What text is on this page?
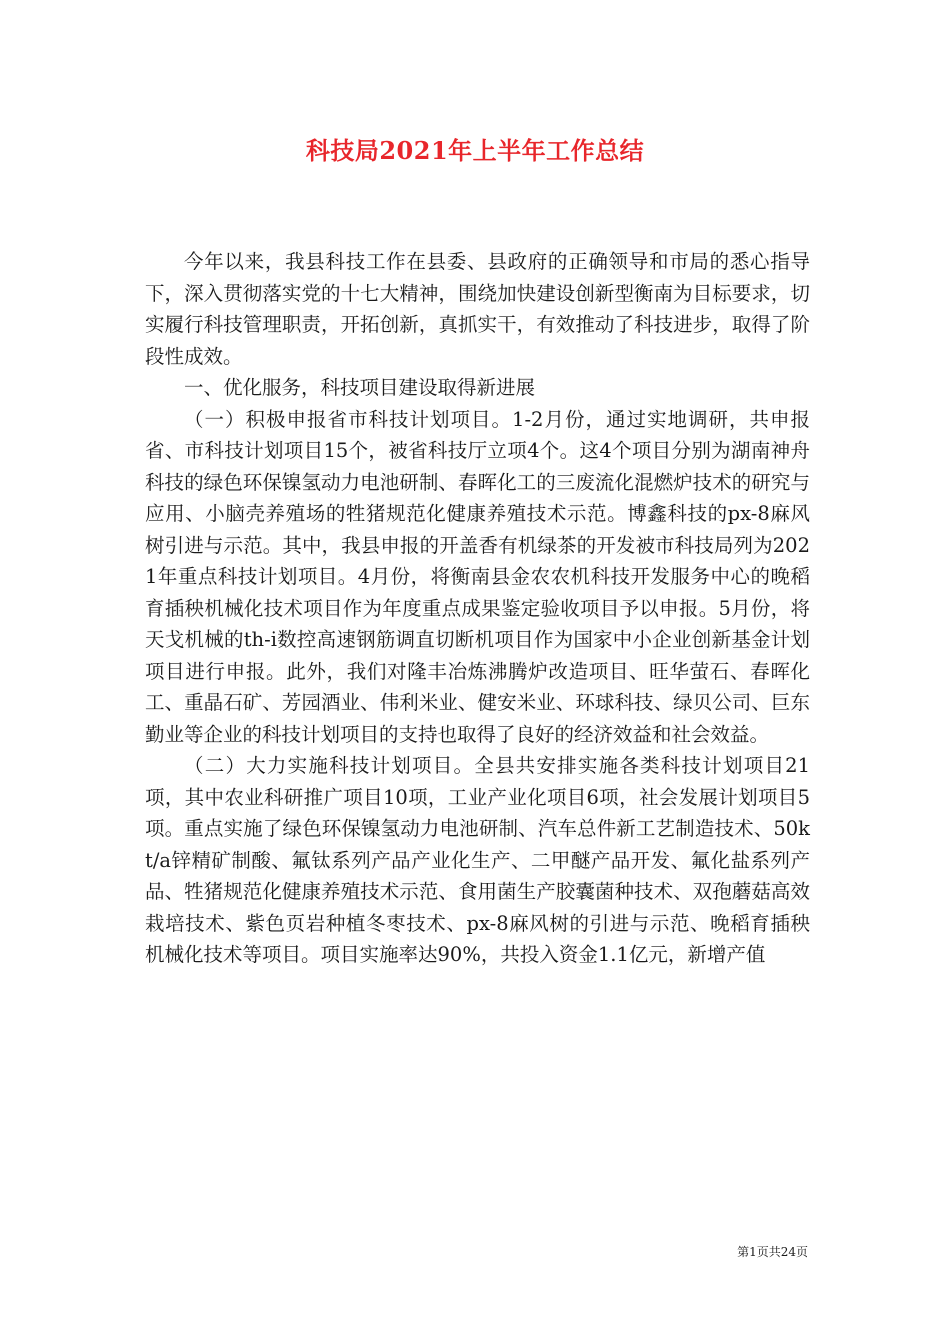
科技局2021年上半年工作总结

今年以来，我县科技工作在县委、县政府的正确领导和市局的悉心指导下，深入贯彻落实党的十七大精神，围绕加快建设创新型衡南为目标要求，切实履行科技管理职责，开拓创新，真抓实干，有效推动了科技进步，取得了阶段性成效。

一、优化服务，科技项目建设取得新进展

（一）积极申报省市科技计划项目。1-2月份，通过实地调研，共申报省、市科技计划项目15个，被省科技厅立项4个。这4个项目分别为湖南神舟科技的绿色环保镍氢动力电池研制、春晖化工的三废流化混燃炉技术的研究与应用、小脑壳养殖场的牲猪规范化健康养殖技术示范。博鑫科技的px-8麻风树引进与示范。其中，我县申报的开盖香有机绿茶的开发被市科技局列为2021年重点科技计划项目。4月份，将衡南县金农农机科技开发服务中心的晚稻育插秧机械化技术项目作为年度重点成果鉴定验收项目予以申报。5月份，将天戈机械的th-i数控高速钢筋调直切断机项目作为国家中小企业创新基金计划项目进行申报。此外，我们对隆丰冶炼沸腾炉改造项目、旺华萤石、春晖化工、重晶石矿、芳园酒业、伟利米业、健安米业、环球科技、绿贝公司、巨东勤业等企业的科技计划项目的支持也取得了良好的经济效益和社会效益。

（二）大力实施科技计划项目。全县共安排实施各类科技计划项目21项，其中农业科研推广项目10项，工业产业化项目6项，社会发展计划项目5项。重点实施了绿色环保镍氢动力电池研制、汽车总件新工艺制造技术、50kt/a锌精矿制酸、氟钛系列产品产业化生产、二甲醚产品开发、氟化盐系列产品、牲猪规范化健康养殖技术示范、食用菌生产胶囊菌种技术、双孢蘑菇高效栽培技术、紫色页岩种植冬枣技术、px-8麻风树的引进与示范、晚稻育插秧机械化技术等项目。项目实施率达90%，共投入资金1.1亿元，新增产值

第1页共24页
